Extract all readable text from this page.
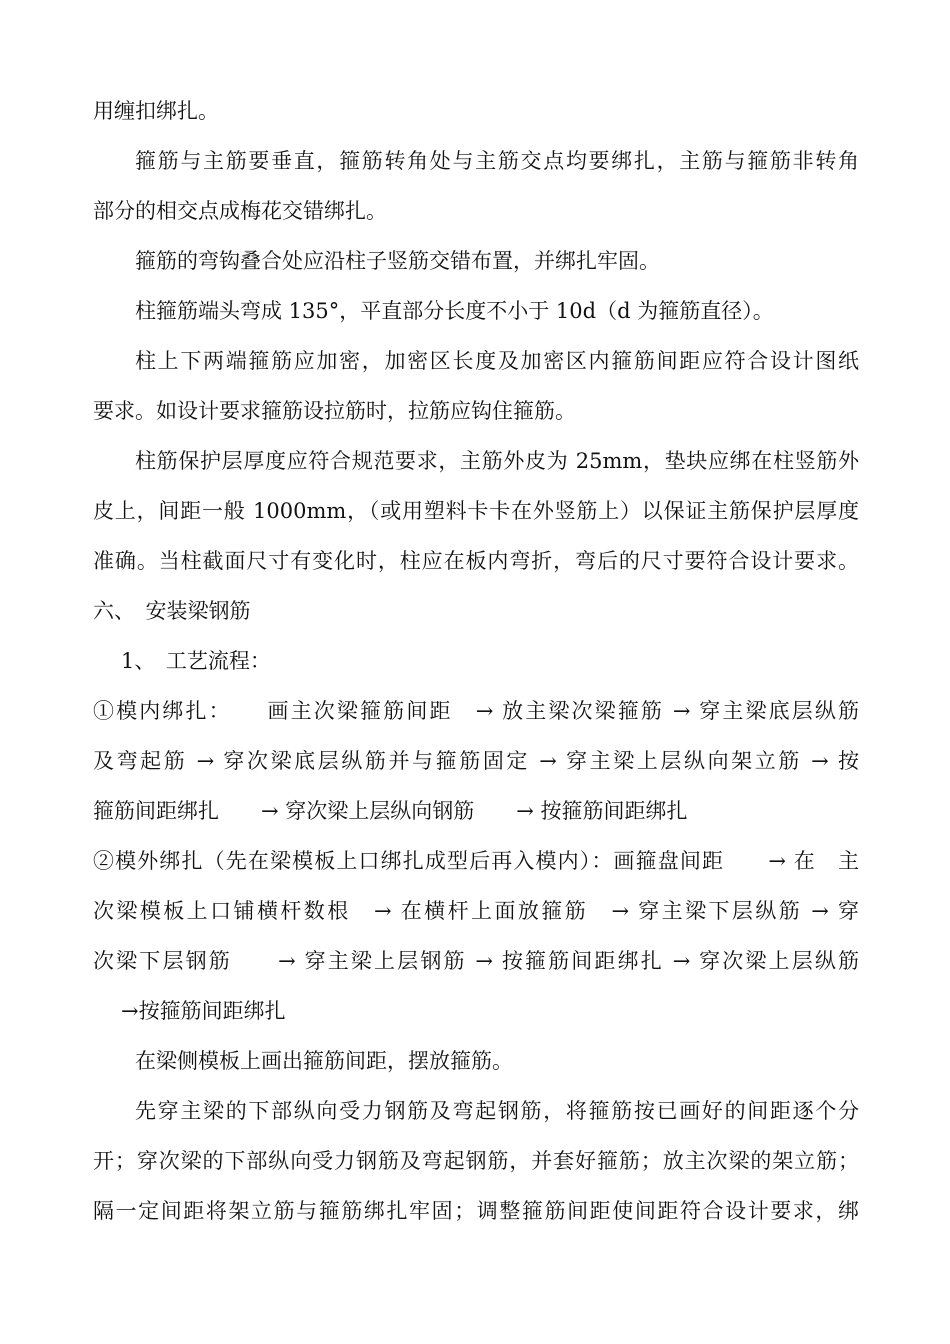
用缠扣绑扎。
箍筋与主筋要垂直，箍筋转角处与主筋交点均要绑扎，主筋与箍筋非转角
部分的相交点成梅花交错绑扎。
箍筋的弯钩叠合处应沿柱子竖筋交错布置，并绑扎牢固。
柱箍筋端头弯成 135°，平直部分长度不小于 10d（d 为箍筋直径）。
柱上下两端箍筋应加密，加密区长度及加密区内箍筋间距应符合设计图纸
要求。如设计要求箍筋设拉筋时，拉筋应钩住箍筋。
柱筋保护层厚度应符合规范要求，主筋外皮为 25mm，垫块应绑在柱竖筋外
皮上，间距一般 1000mm，（或用塑料卡卡在外竖筋上）以保证主筋保护层厚度
准确。当柱截面尺寸有变化时，柱应在板内弯折，弯后的尺寸要符合设计要求。
六、　安装梁钢筋
1、　工艺流程：
①模内绑扎：　　画主次梁箍筋间距　→ 放主梁次梁箍筋 → 穿主梁底层纵筋
及弯起筋 → 穿次梁底层纵筋并与箍筋固定 → 穿主梁上层纵向架立筋 → 按
箍筋间距绑扎　　→ 穿次梁上层纵向钢筋　　→ 按箍筋间距绑扎
②模外绑扎（先在梁模板上口绑扎成型后再入模内）：画箍盘间距　　→ 在　主
次梁模板上口铺横杆数根　→ 在横杆上面放箍筋　→ 穿主梁下层纵筋 → 穿
次梁下层钢筋　　→ 穿主梁上层钢筋 → 按箍筋间距绑扎 → 穿次梁上层纵筋
→按箍筋间距绑扎
在梁侧模板上画出箍筋间距，摆放箍筋。
先穿主梁的下部纵向受力钢筋及弯起钢筋，将箍筋按已画好的间距逐个分
开；穿次梁的下部纵向受力钢筋及弯起钢筋，并套好箍筋；放主次梁的架立筋；
隔一定间距将架立筋与箍筋绑扎牢固；调整箍筋间距使间距符合设计要求，绑
